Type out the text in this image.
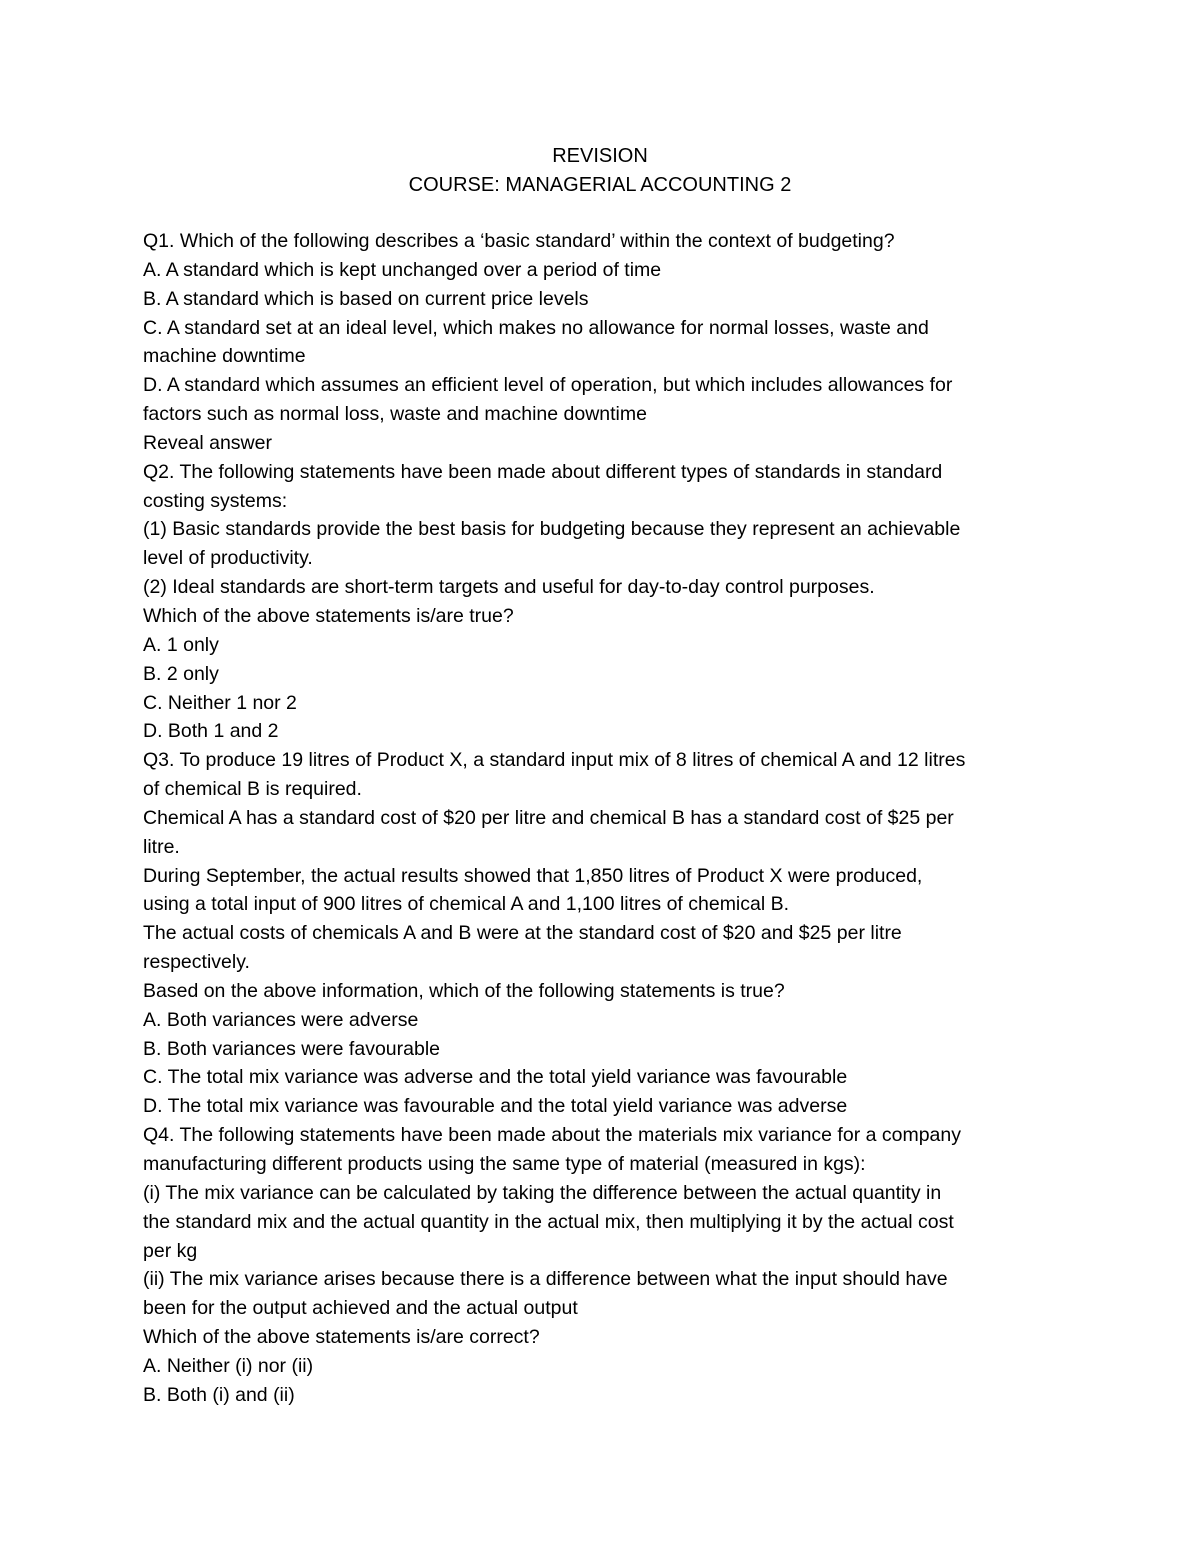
REVISION
COURSE: MANAGERIAL ACCOUNTING 2
Q1. Which of the following describes a ‘basic standard’ within the context of budgeting?
A. A standard which is kept unchanged over a period of time
B. A standard which is based on current price levels
C. A standard set at an ideal level, which makes no allowance for normal losses, waste and
machine downtime
D. A standard which assumes an efficient level of operation, but which includes allowances for
factors such as normal loss, waste and machine downtime
Reveal answer
Q2. The following statements have been made about different types of standards in standard
costing systems:
(1) Basic standards provide the best basis for budgeting because they represent an achievable
level of productivity.
(2) Ideal standards are short-term targets and useful for day-to-day control purposes.
Which of the above statements is/are true?
A. 1 only
B. 2 only
C. Neither 1 nor 2
D. Both 1 and 2
Q3. To produce 19 litres of Product X, a standard input mix of 8 litres of chemical A and 12 litres
of chemical B is required.
Chemical A has a standard cost of $20 per litre and chemical B has a standard cost of $25 per
litre.
During September, the actual results showed that 1,850 litres of Product X were produced,
using a total input of 900 litres of chemical A and 1,100 litres of chemical B.
The actual costs of chemicals A and B were at the standard cost of $20 and $25 per litre
respectively.
Based on the above information, which of the following statements is true?
A. Both variances were adverse
B. Both variances were favourable
C. The total mix variance was adverse and the total yield variance was favourable
D. The total mix variance was favourable and the total yield variance was adverse
Q4. The following statements have been made about the materials mix variance for a company
manufacturing different products using the same type of material (measured in kgs):
(i) The mix variance can be calculated by taking the difference between the actual quantity in
the standard mix and the actual quantity in the actual mix, then multiplying it by the actual cost
per kg
(ii) The mix variance arises because there is a difference between what the input should have
been for the output achieved and the actual output
Which of the above statements is/are correct?
A. Neither (i) nor (ii)
B. Both (i) and (ii)
